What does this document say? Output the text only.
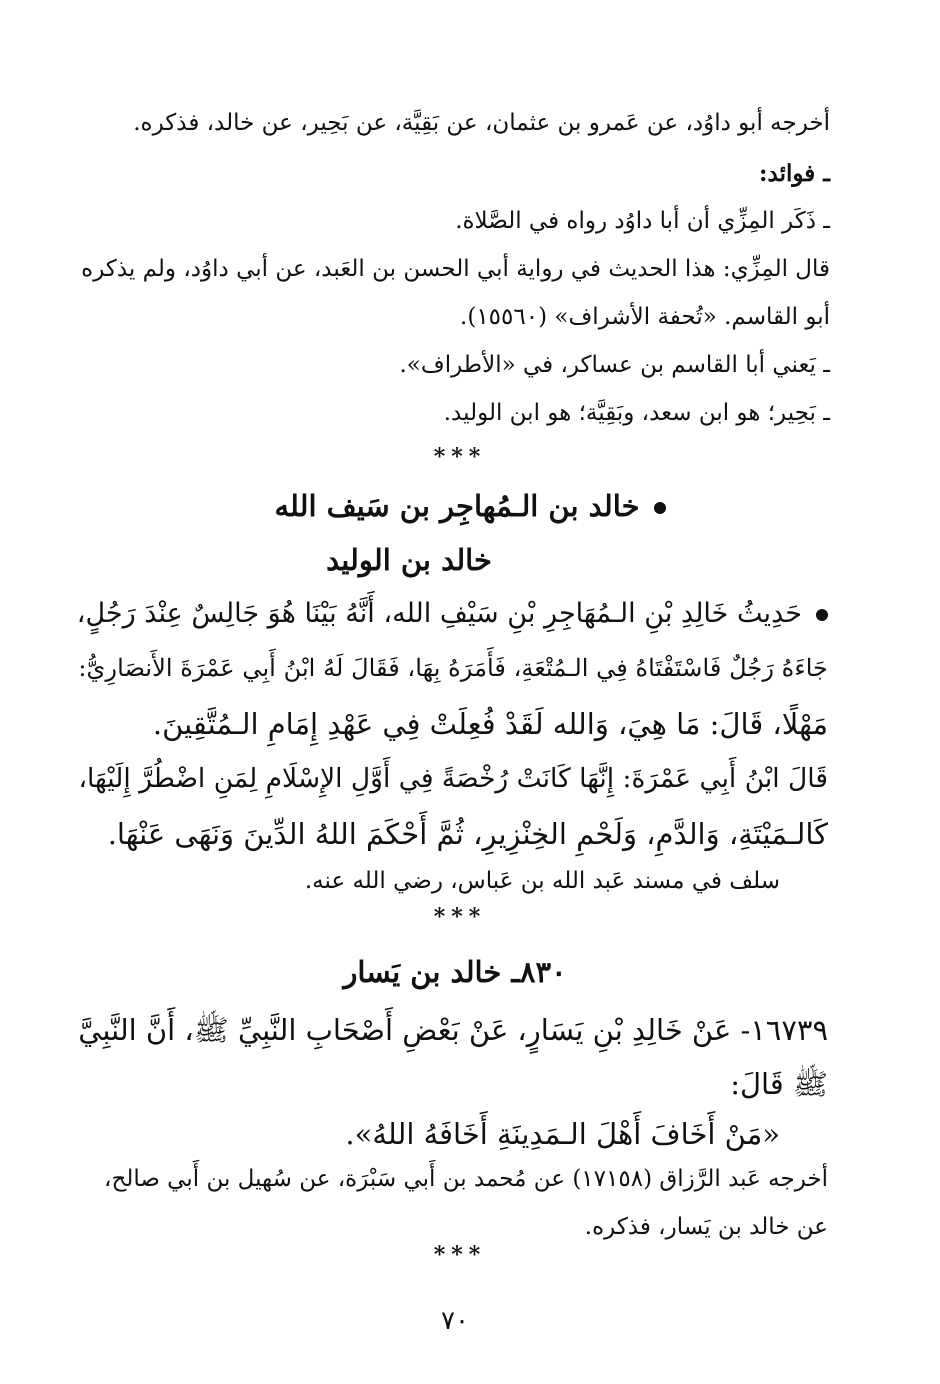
أخرجه أبو داوُد، عن عَمرو بن عثمان، عن بَقِيَّة، عن بَحِير، عن خالد، فذكره.
ـ فوائد:
ـ ذَكَر المِزِّي أن أبا داوُد رواه في الصَّلاة.
قال المِزِّي: هذا الحديث في رواية أبي الحسن بن العَبد، عن أبي داوُد، ولم يذكره
أبو القاسم. «تُحفة الأشراف» (١٥٥٦٠).
ـ يَعني أبا القاسم بن عساكر، في «الأطراف».
ـ بَحِير؛ هو ابن سعد، وبَقِيَّة؛ هو ابن الوليد.
***
خالد بن الـمُهاجِر بن سَيف الله
خالد بن الوليد
حَدِيثُ خَالِدِ بْنِ الـمُهَاجِرِ بْنِ سَيْفِ الله، أَنَّهُ بَيْنَا هُوَ جَالِسٌ عِنْدَ رَجُلٍ،
جَاءَهُ رَجُلٌ فَاسْتَفْتَاهُ فِي الـمُتْعَةِ، فَأَمَرَهُ بِهَا، فَقَالَ لَهُ ابْنُ أَبِي عَمْرَةَ الأَنصَارِيُّ:
مَهْلًا، قَالَ: مَا هِيَ، وَالله لَقَدْ فُعِلَتْ فِي عَهْدِ إِمَامِ الـمُتَّقِينَ.
قَالَ ابْنُ أَبِي عَمْرَةَ: إِنَّهَا كَانَتْ رُخْصَةً فِي أَوَّلِ الإِسْلَامِ لِمَنِ اضْطُرَّ إِلَيْهَا،
كَالـمَيْتَةِ، وَالدَّمِ، وَلَحْمِ الخِنْزِيرِ، ثُمَّ أَحْكَمَ اللهُ الدِّينَ وَنَهَى عَنْهَا.
سلف في مسند عَبد الله بن عَباس، رضي الله عنه.
***
٨٣٠ـ خالد بن يَسار
١٦٧٣٩- عَنْ خَالِدِ بْنِ يَسَارٍ، عَنْ بَعْضِ أَصْحَابِ النَّبِيِّ ﷺ، أَنَّ النَّبِيَّ
ﷺ قَالَ:
«مَنْ أَخَافَ أَهْلَ الـمَدِينَةِ أَخَافَهُ اللهُ».
أخرجه عَبد الرَّزاق (١٧١٥٨) عن مُحمد بن أَبي سَبْرَة، عن سُهيل بن أَبي صالح،
عن خالد بن يَسار، فذكره.
***
٧٠
